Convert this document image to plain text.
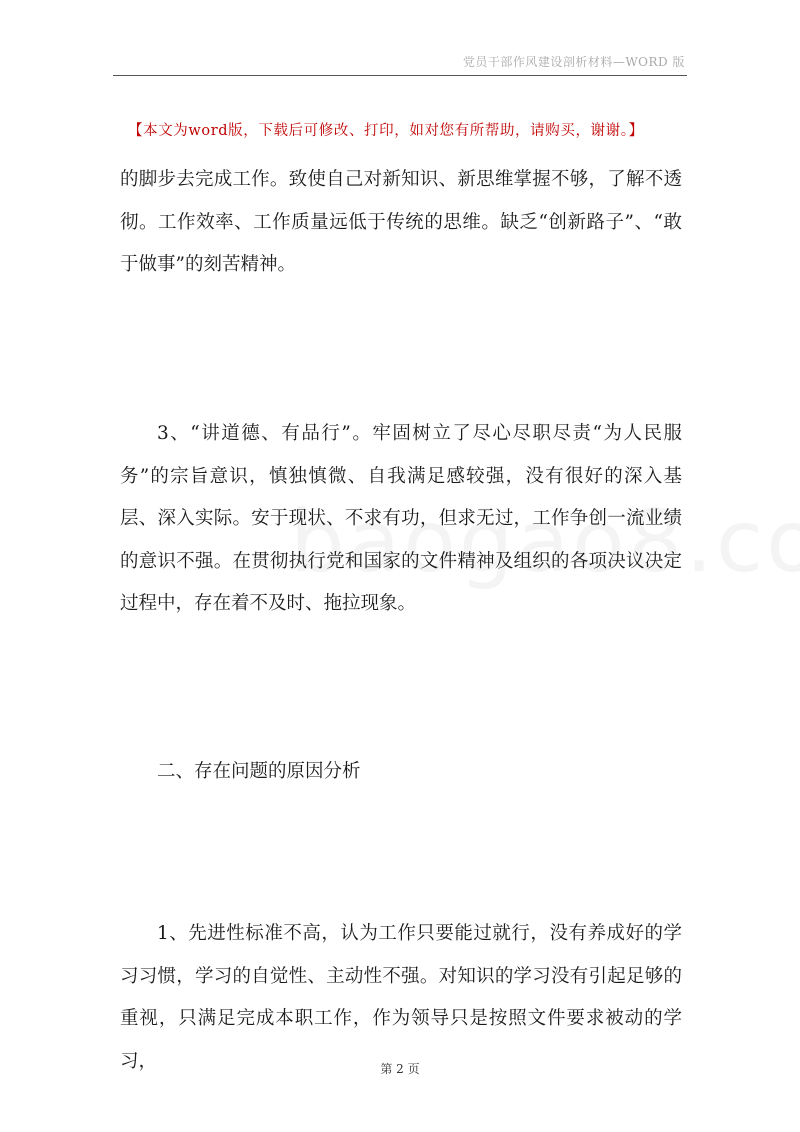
党员干部作风建设剖析材料—WORD 版
【本文为word版，下载后可修改、打印，如对您有所帮助，请购买，谢谢。】

的脚步去完成工作。致使自己对新知识、新思维掌握不够，了解不透彻。工作效率、工作质量远低于传统的思维。缺乏“创新路子”、“敢于做事”的刻苦精神。

3、“讲道德、有品行”。牢固树立了尽心尽职尽责“为人民服务”的宗旨意识，慎独慎微、自我满足感较强，没有很好的深入基层、深入实际。安于现状、不求有功，但求无过，工作争创一流业绩的意识不强。在贯彻执行党和国家的文件精神及组织的各项决议决定过程中，存在着不及时、拖拉现象。

二、存在问题的原因分析

1、先进性标准不高，认为工作只要能过就行，没有养成好的学习习惯，学习的自觉性、主动性不强。对知识的学习没有引起足够的重视，只满足完成本职工作，作为领导只是按照文件要求被动的学习，	第 2 页
